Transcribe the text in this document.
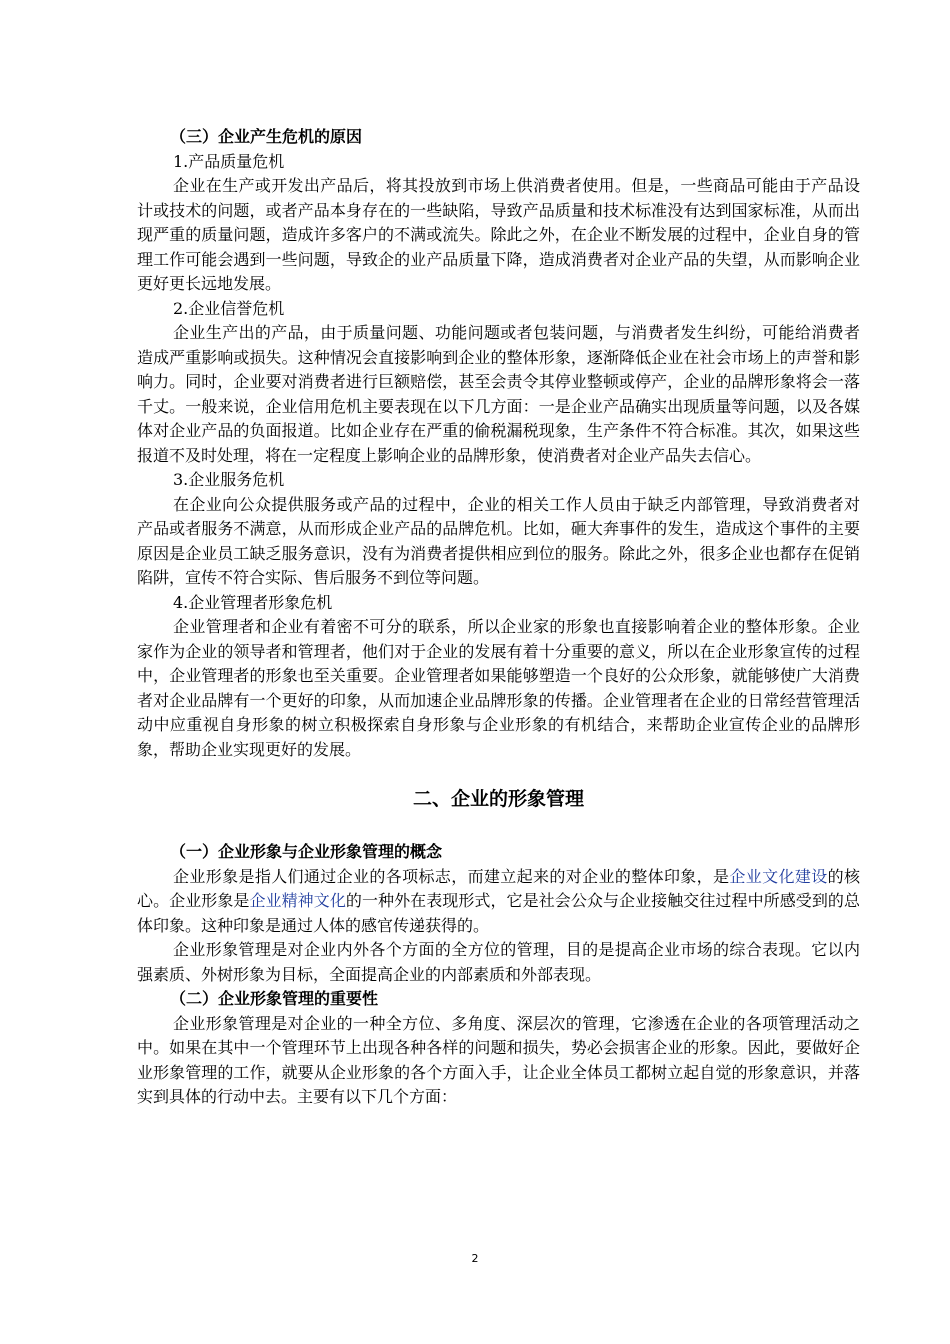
（三）企业产生危机的原因

1.产品质量危机

企业在生产或开发出产品后，将其投放到市场上供消费者使用。但是，一些商品可能由于产品设计或技术的问题，或者产品本身存在的一些缺陷，导致产品质量和技术标准没有达到国家标准，从而出现严重的质量问题，造成许多客户的不满或流失。除此之外，在企业不断发展的过程中，企业自身的管理工作可能会遇到一些问题，导致企的业产品质量下降，造成消费者对企业产品的失望，从而影响企业更好更长远地发展。

2.企业信誉危机

企业生产出的产品，由于质量问题、功能问题或者包装问题，与消费者发生纠纷，可能给消费者造成严重影响或损失。这种情况会直接影响到企业的整体形象，逐渐降低企业在社会市场上的声誉和影响力。同时，企业要对消费者进行巨额赔偿，甚至会责令其停业整顿或停产，企业的品牌形象将会一落千丈。一般来说，企业信用危机主要表现在以下几方面：一是企业产品确实出现质量等问题，以及各媒体对企业产品的负面报道。比如企业存在严重的偷税漏税现象，生产条件不符合标准。其次，如果这些报道不及时处理，将在一定程度上影响企业的品牌形象，使消费者对企业产品失去信心。

3.企业服务危机

在企业向公众提供服务或产品的过程中，企业的相关工作人员由于缺乏内部管理，导致消费者对产品或者服务不满意，从而形成企业产品的品牌危机。比如，砸大奔事件的发生，造成这个事件的主要原因是企业员工缺乏服务意识，没有为消费者提供相应到位的服务。除此之外，很多企业也都存在促销陷阱，宣传不符合实际、售后服务不到位等问题。

4.企业管理者形象危机

企业管理者和企业有着密不可分的联系，所以企业家的形象也直接影响着企业的整体形象。企业家作为企业的领导者和管理者，他们对于企业的发展有着十分重要的意义，所以在企业形象宣传的过程中，企业管理者的形象也至关重要。企业管理者如果能够塑造一个良好的公众形象，就能够使广大消费者对企业品牌有一个更好的印象，从而加速企业品牌形象的传播。企业管理者在企业的日常经营管理活动中应重视自身形象的树立积极探索自身形象与企业形象的有机结合，来帮助企业宣传企业的品牌形象，帮助企业实现更好的发展。

二、企业的形象管理

（一）企业形象与企业形象管理的概念

企业形象是指人们通过企业的各项标志，而建立起来的对企业的整体印象，是企业文化建设的核心。企业形象是企业精神文化的一种外在表现形式，它是社会公众与企业接触交往过程中所感受到的总体印象。这种印象是通过人体的感官传递获得的。

企业形象管理是对企业内外各个方面的全方位的管理，目的是提高企业市场的综合表现。它以内强素质、外树形象为目标，全面提高企业的内部素质和外部表现。

（二）企业形象管理的重要性

企业形象管理是对企业的一种全方位、多角度、深层次的管理，它渗透在企业的各项管理活动之中。如果在其中一个管理环节上出现各种各样的问题和损失，势必会损害企业的形象。因此，要做好企业形象管理的工作，就要从企业形象的各个方面入手，让企业全体员工都树立起自觉的形象意识，并落实到具体的行动中去。主要有以下几个方面：

2
